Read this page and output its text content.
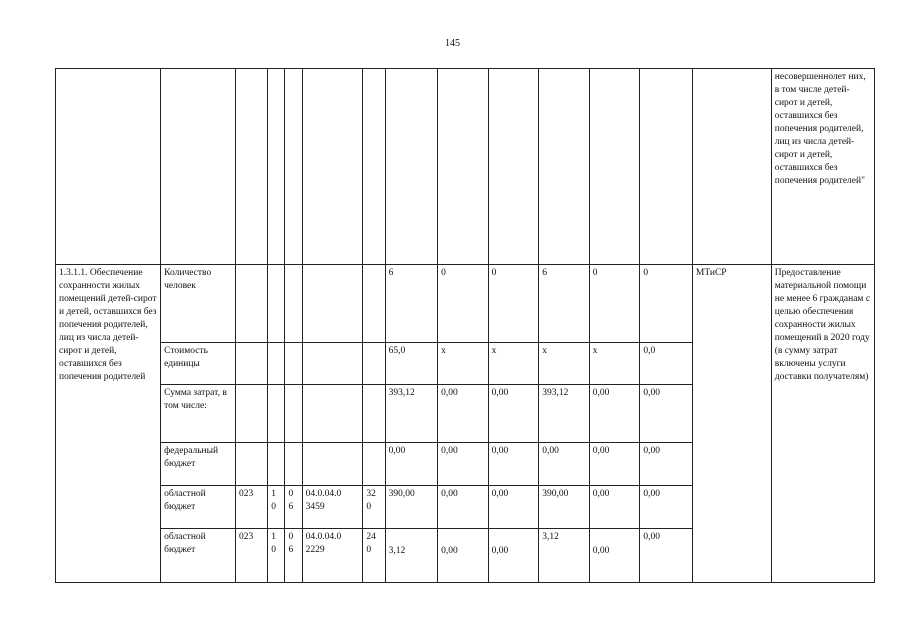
145
														несовершеннолет них, в том числе детей-сирот и детей, оставшихся без попечения родителей, лиц из числа детей-сирот и детей, оставшихся без попечения родителей"
1.3.1.1. Обеспечение сохранности жилых помещений детей-сирот и детей, оставшихся без попечения родителей, лиц из числа детей-сирот и детей, оставшихся без попечения родителей	Количество человек						6	0	0	6	0	0	МТиСР	Предоставление материальной помощи не менее 6 гражданам с целью обеспечения сохранности жилых помещений в 2020 году (в сумму затрат включены услуги доставки получателям)
	Стоимость единицы						65,0	х	х	х	х	0,0		
	Сумма затрат, в том числе:						393,12	0,00	0,00	393,12	0,00	0,00		
	федеральный бюджет						0,00	0,00	0,00	0,00	0,00	0,00		
	областной бюджет	023	1 0	0 6	04.0.04.0 3459	32 0	390,00	0,00	0,00	390,00	0,00	0,00		
	областной бюджет	023	1 0	0 6	04.0.04.0 2229	24 0	3,12	0,00	0,00	3,12	0,00	0,00		
